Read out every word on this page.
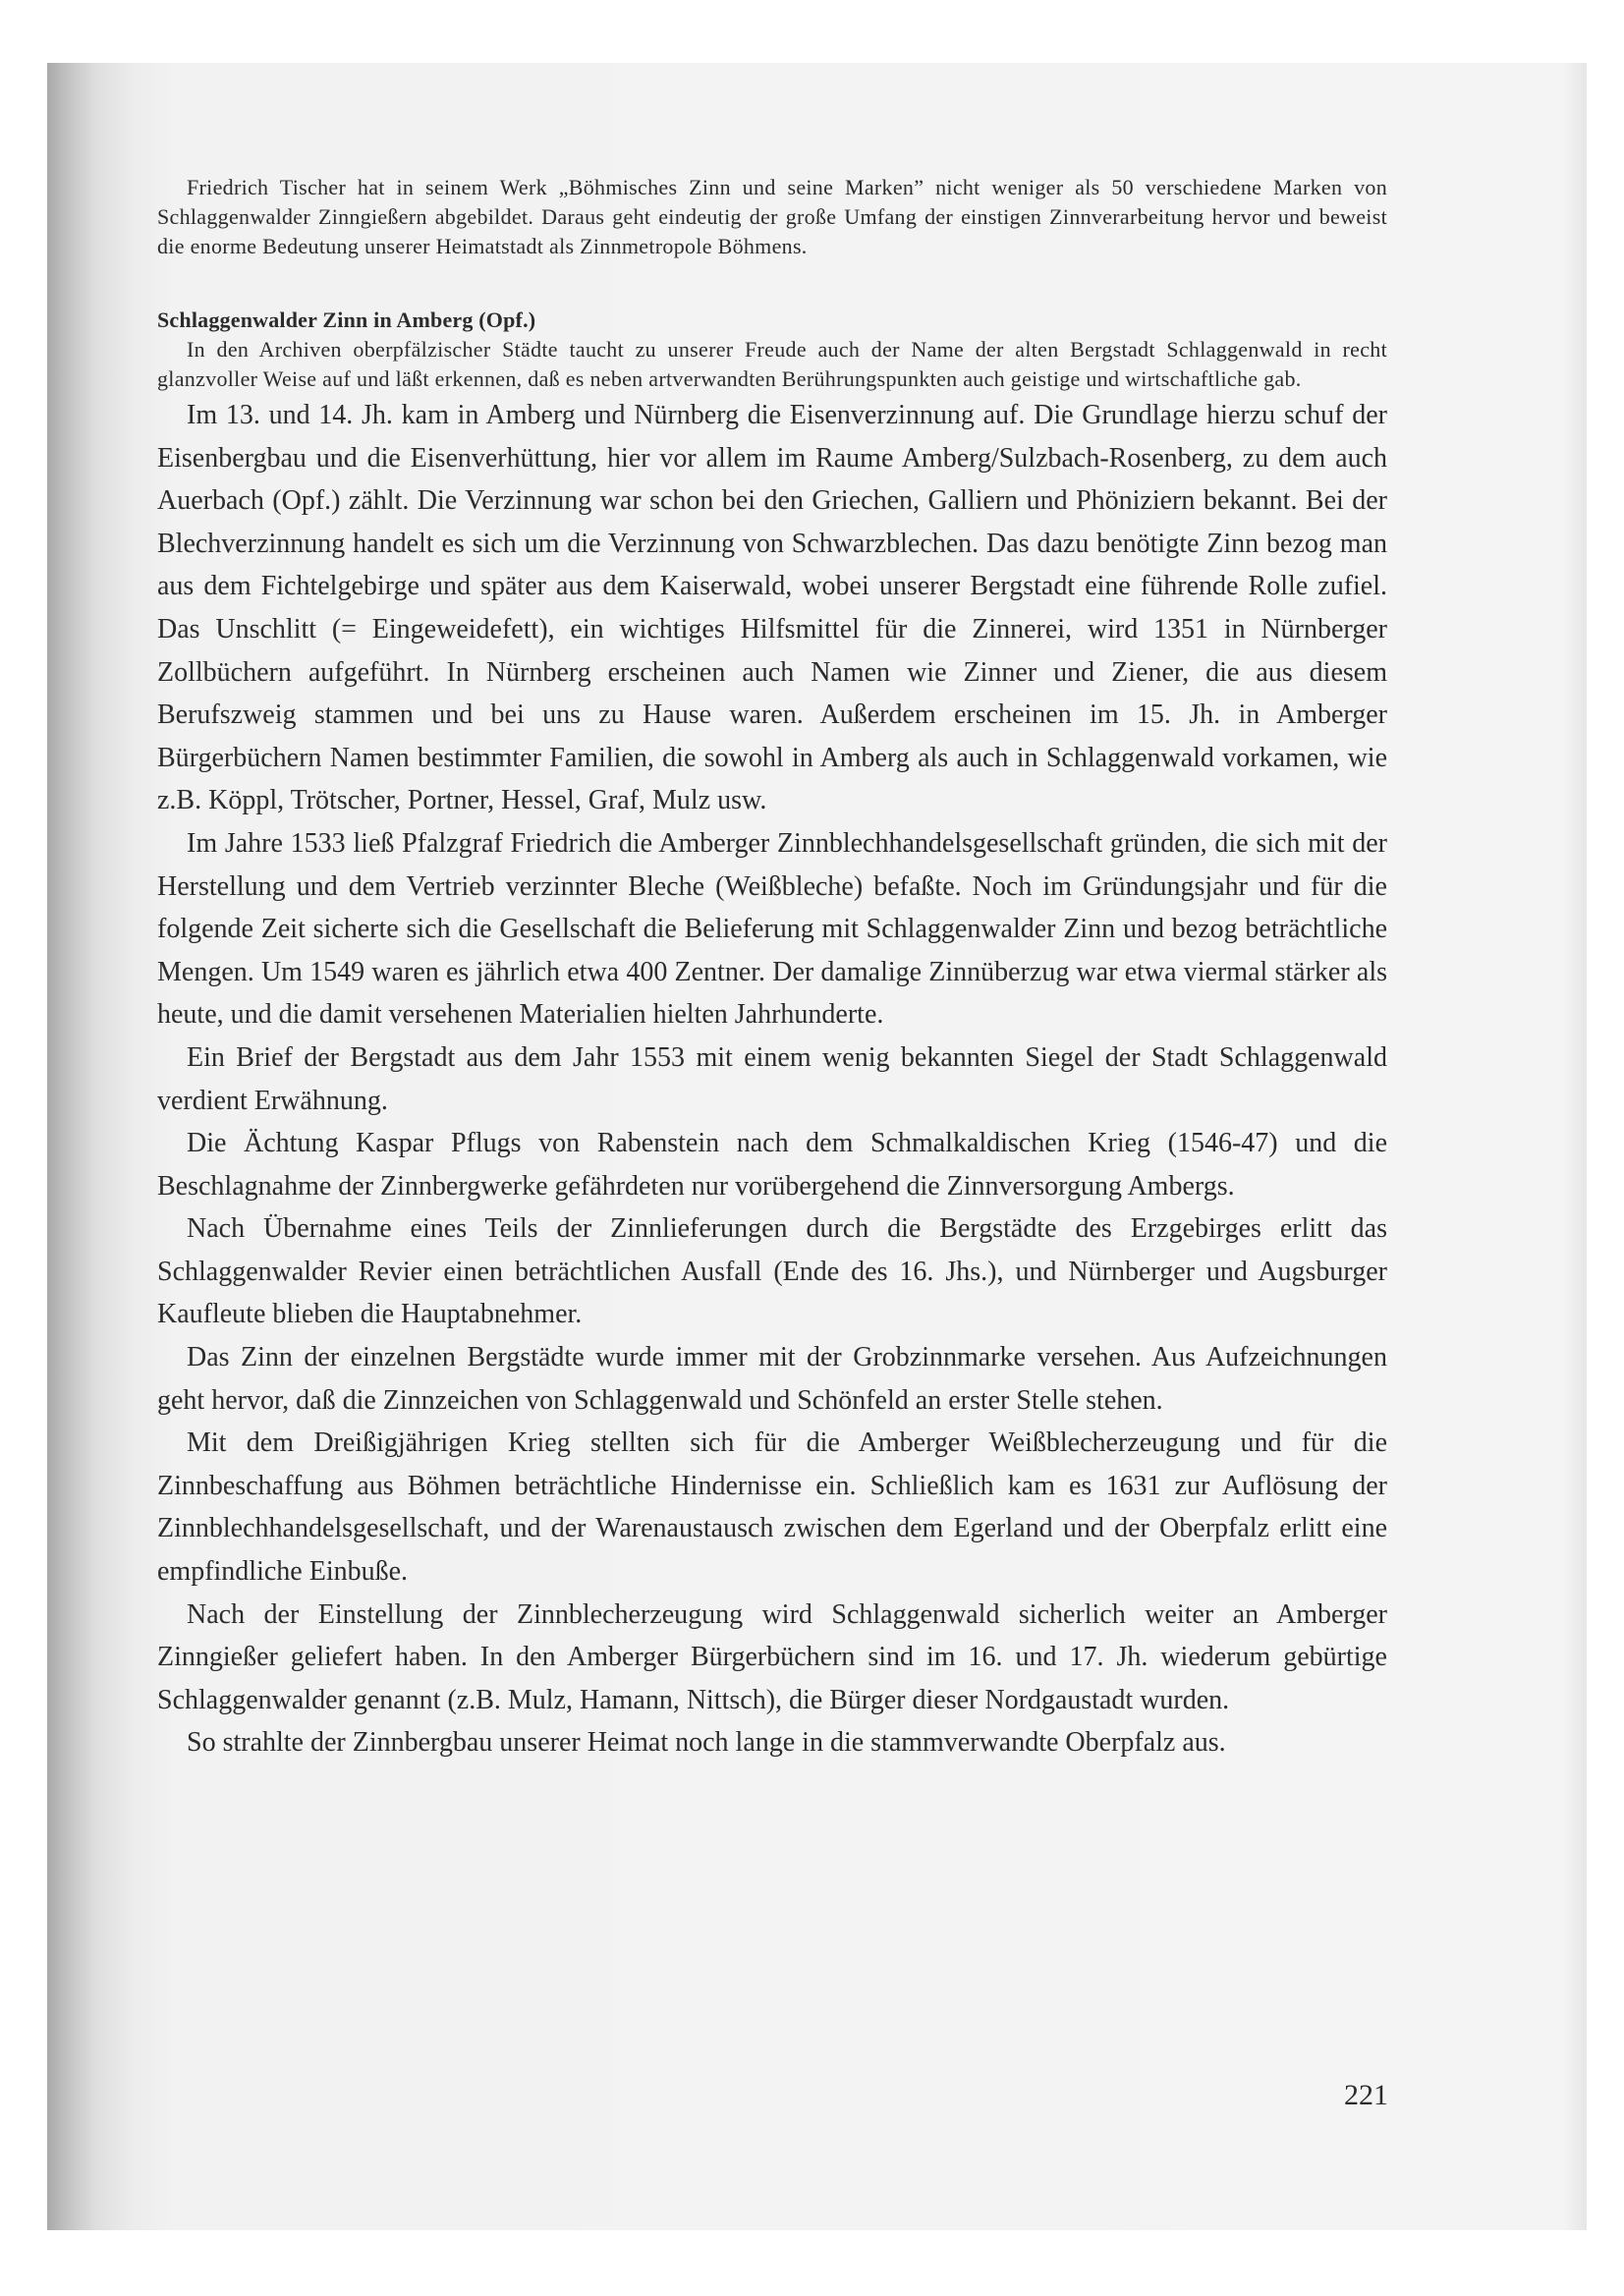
Friedrich Tischer hat in seinem Werk „Böhmisches Zinn und seine Marken” nicht weniger als 50 verschiedene Marken von Schlaggenwalder Zinngießern abgebildet. Daraus geht eindeutig der große Umfang der einstigen Zinnverarbeitung hervor und beweist die enorme Bedeutung unserer Heimatstadt als Zinnmetropole Böhmens.

Schlaggenwalder Zinn in Amberg (Opf.)

In den Archiven oberpfälzischer Städte taucht zu unserer Freude auch der Name der alten Bergstadt Schlaggenwald in recht glanzvoller Weise auf und läßt erkennen, daß es neben artverwandten Berührungspunkten auch geistige und wirtschaftliche gab.

Im 13. und 14. Jh. kam in Amberg und Nürnberg die Eisenverzinnung auf. Die Grundlage hierzu schuf der Eisenbergbau und die Eisenverhüttung, hier vor allem im Raume Amberg/Sulzbach-Rosenberg, zu dem auch Auerbach (Opf.) zählt. Die Verzinnung war schon bei den Griechen, Galliern und Phöniziern bekannt. Bei der Blechverzinnung handelt es sich um die Verzinnung von Schwarzblechen. Das dazu benötigte Zinn bezog man aus dem Fichtelgebirge und später aus dem Kaiserwald, wobei unserer Bergstadt eine führende Rolle zufiel. Das Unschlitt (= Eingeweidefett), ein wichtiges Hilfsmittel für die Zinnerei, wird 1351 in Nürnberger Zollbüchern aufgeführt. In Nürnberg erscheinen auch Namen wie Zinner und Ziener, die aus diesem Berufszweig stammen und bei uns zu Hause waren. Außerdem erscheinen im 15. Jh. in Amberger Bürgerbüchern Namen bestimmter Familien, die sowohl in Amberg als auch in Schlaggenwald vorkamen, wie z.B. Köppl, Trötscher, Portner, Hessel, Graf, Mulz usw.

Im Jahre 1533 ließ Pfalzgraf Friedrich die Amberger Zinnblechhandelsgesellschaft gründen, die sich mit der Herstellung und dem Vertrieb verzinnter Bleche (Weißbleche) befaßte. Noch im Gründungsjahr und für die folgende Zeit sicherte sich die Gesellschaft die Belieferung mit Schlaggenwalder Zinn und bezog beträchtliche Mengen. Um 1549 waren es jährlich etwa 400 Zentner. Der damalige Zinnüberzug war etwa viermal stärker als heute, und die damit versehenen Materialien hielten Jahrhunderte.

Ein Brief der Bergstadt aus dem Jahr 1553 mit einem wenig bekannten Siegel der Stadt Schlaggenwald verdient Erwähnung.

Die Ächtung Kaspar Pflugs von Rabenstein nach dem Schmalkaldischen Krieg (1546-47) und die Beschlagnahme der Zinnbergwerke gefährdeten nur vorübergehend die Zinnversorgung Ambergs.

Nach Übernahme eines Teils der Zinnlieferungen durch die Bergstädte des Erzgebirges erlitt das Schlaggenwalder Revier einen beträchtlichen Ausfall (Ende des 16. Jhs.), und Nürnberger und Augsburger Kaufleute blieben die Hauptabnehmer.

Das Zinn der einzelnen Bergstädte wurde immer mit der Grobzinnmarke versehen. Aus Aufzeichnungen geht hervor, daß die Zinnzeichen von Schlaggenwald und Schönfeld an erster Stelle stehen.

Mit dem Dreißigjährigen Krieg stellten sich für die Amberger Weißblecherzeugung und für die Zinnbeschaffung aus Böhmen beträchtliche Hindernisse ein. Schließlich kam es 1631 zur Auflösung der Zinnblechhandelsgesellschaft, und der Warenaustausch zwischen dem Egerland und der Oberpfalz erlitt eine empfindliche Einbuße.

Nach der Einstellung der Zinnblecherzeugung wird Schlaggenwald sicherlich weiter an Amberger Zinngießer geliefert haben. In den Amberger Bürgerbüchern sind im 16. und 17. Jh. wiederum gebürtige Schlaggenwalder genannt (z.B. Mulz, Hamann, Nittsch), die Bürger dieser Nordgaustadt wurden.

So strahlte der Zinnbergbau unserer Heimat noch lange in die stammverwandte Oberpfalz aus.

221
